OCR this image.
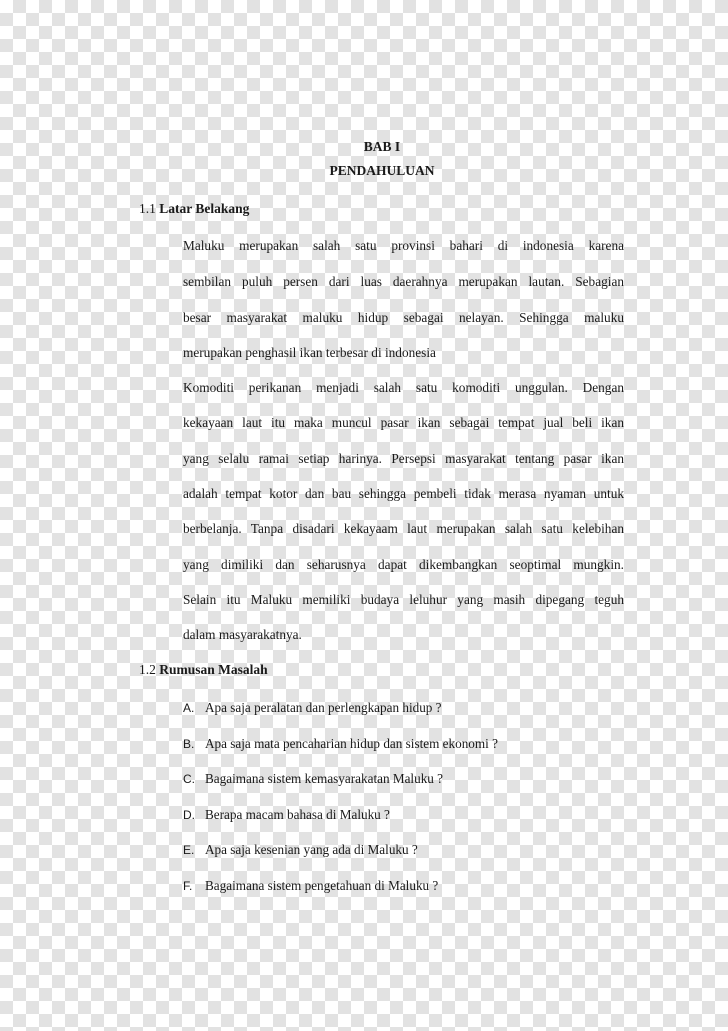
BAB I
PENDAHULUAN
1.1 Latar Belakang
Maluku merupakan salah satu provinsi bahari di indonesia karena
sembilan puluh persen dari luas daerahnya merupakan lautan. Sebagian
besar masyarakat maluku hidup sebagai nelayan. Sehingga maluku
merupakan penghasil ikan terbesar di indonesia
Komoditi perikanan menjadi salah satu komoditi unggulan. Dengan
kekayaan laut itu maka muncul pasar ikan sebagai tempat jual beli ikan
yang selalu ramai setiap harinya. Persepsi masyarakat tentang pasar ikan
adalah tempat kotor dan bau sehingga pembeli tidak merasa nyaman untuk
berbelanja. Tanpa disadari kekayaam laut merupakan salah satu kelebihan
yang dimiliki dan seharusnya dapat dikembangkan seoptimal mungkin.
Selain itu Maluku memiliki budaya leluhur yang masih dipegang teguh
dalam masyarakatnya.
1.2 Rumusan Masalah
A. Apa saja peralatan dan perlengkapan hidup ?
B. Apa saja mata pencaharian hidup dan sistem ekonomi ?
C. Bagaimana sistem kemasyarakatan Maluku ?
D. Berapa macam bahasa di Maluku ?
E. Apa saja kesenian yang ada di Maluku ?
F. Bagaimana sistem pengetahuan di Maluku ?
